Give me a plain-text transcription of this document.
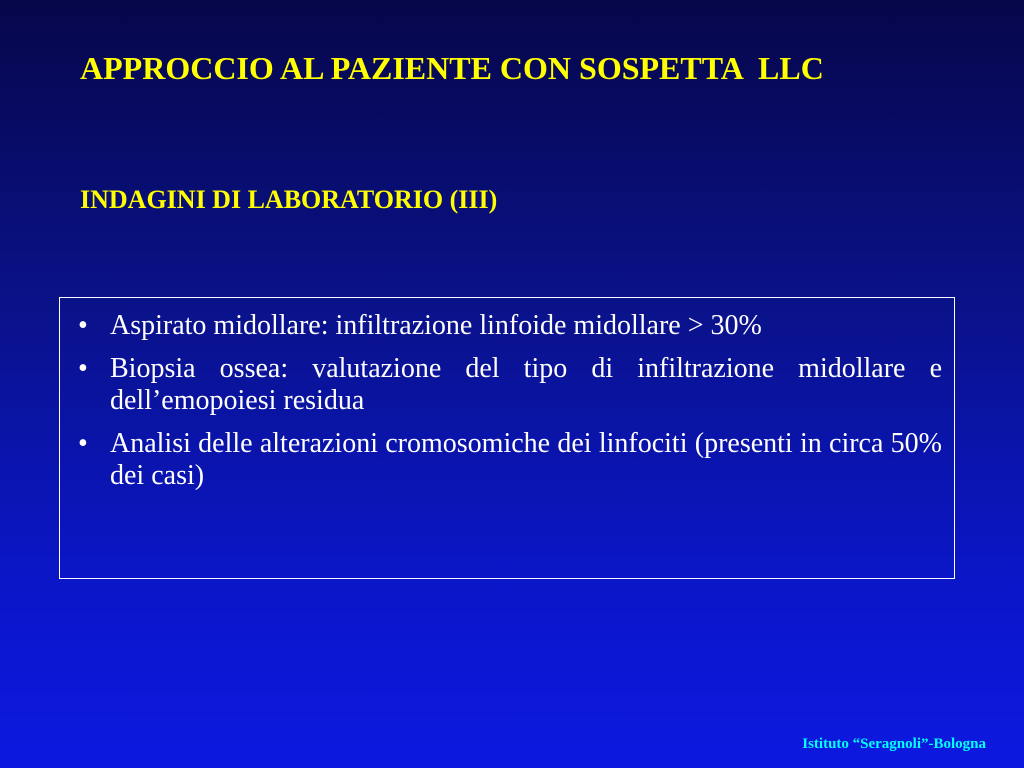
APPROCCIO AL PAZIENTE CON SOSPETTA  LLC
INDAGINI DI LABORATORIO (III)
• Aspirato midollare: infiltrazione linfoide midollare > 30%
• Biopsia ossea: valutazione del tipo di infiltrazione midollare e dell’emopoiesi residua
• Analisi delle alterazioni cromosomiche dei linfociti (presenti in circa 50% dei casi)

Istituto “Seragnoli”-Bologna
